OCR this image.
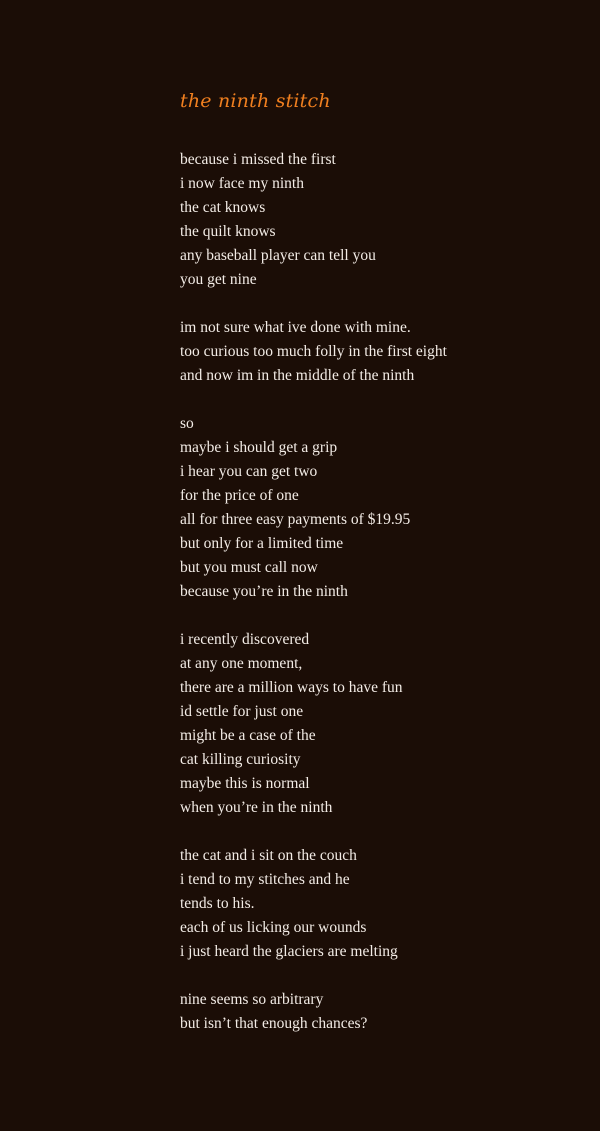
the ninth stitch
because i missed the first
i now face my ninth
the cat knows
the quilt knows
any baseball player can tell you
you get nine
im not sure what ive done with mine.
too curious too much folly in the first eight
and now im in the middle of the ninth
so
maybe i should get a grip
i hear you can get two
for the price of one
all for three easy payments of $19.95
but only for a limited time
but you must call now
because you’re in the ninth
i recently discovered
at any one moment,
there are a million ways to have fun
id settle for just one
might be a case of the
cat killing curiosity
maybe this is normal
when you’re in the ninth
the cat and i sit on the couch
i tend to my stitches and he
tends to his.
each of us licking our wounds
i just heard the glaciers are melting
nine seems so arbitrary
but isn’t that enough chances?
